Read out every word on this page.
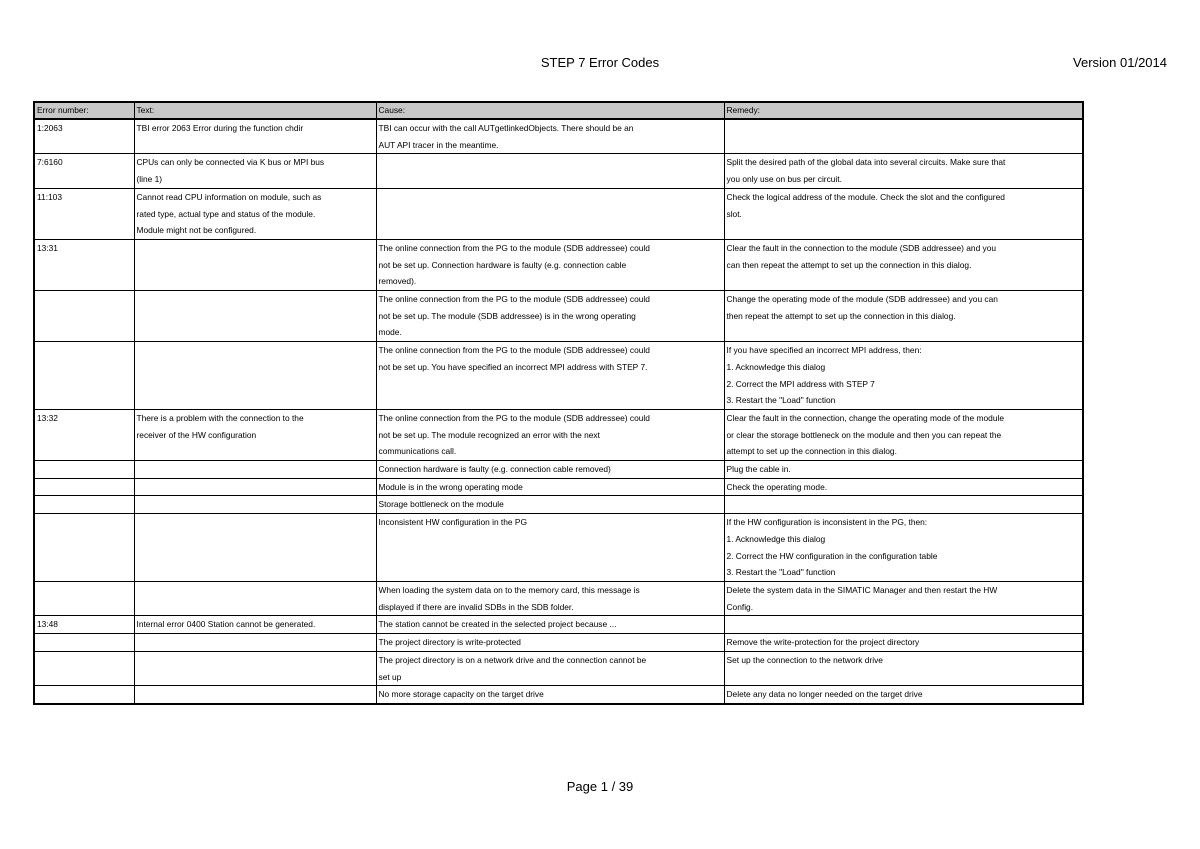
STEP 7 Error Codes	Version 01/2014
Error number:	Text:	Cause:	Remedy:
1:2063	TBI error 2063 Error during the function chdir	TBI can occur with the call AUTgetlinkedObjects. There should be an
AUT API tracer in the meantime.	
7:6160	CPUs can only be connected via K bus or MPI bus
(line 1)		Split the desired path of the global data into several circuits. Make sure that
you only use on bus per circuit.
11:103	Cannot read CPU information on module, such as
rated type, actual type and status of the module.
Module might not be configured.		Check the logical address of the module. Check the slot and the configured
slot.
13:31		The online connection from the PG to the module (SDB addressee) could
not be set up. Connection hardware is faulty (e.g. connection cable
removed).	Clear the fault in the connection to the module (SDB addressee) and you
can then repeat the attempt to set up the connection in this dialog.
		The online connection from the PG to the module (SDB addressee) could
not be set up. The module (SDB addressee) is in the wrong operating
mode.	Change the operating mode of the module (SDB addressee) and you can
then repeat the attempt to set up the connection in this dialog.
		The online connection from the PG to the module (SDB addressee) could
not be set up. You have specified an incorrect MPI address with STEP 7.	If you have specified an incorrect MPI address, then:
1. Acknowledge this dialog
2. Correct the MPI address with STEP 7
3. Restart the "Load" function
13:32	There is a problem with the connection to the
receiver of the HW configuration	The online connection from the PG to the module (SDB addressee) could
not be set up. The module recognized an error with the next
communications call.	Clear the fault in the connection, change the operating mode of the module
or clear the storage bottleneck on the module and then you can repeat the
attempt to set up the connection in this dialog.
		Connection hardware is faulty (e.g. connection cable removed)	Plug the cable in.
		Module is in the wrong operating mode	Check the operating mode.
		Storage bottleneck on the module	
		Inconsistent HW configuration in the PG	If the HW configuration is inconsistent in the PG, then:
1. Acknowledge this dialog
2. Correct the HW configuration in the configuration table
3. Restart the "Load" function
		When loading the system data on to the memory card, this message is
displayed if there are invalid SDBs in the SDB folder.	Delete the system data in the SIMATIC Manager and then restart the HW
Config.
13:48	Internal error 0400 Station cannot be generated.	The station cannot be created in the selected project because ...	
		The project directory is write-protected	Remove the write-protection for the project directory
		The project directory is on a network drive and the connection cannot be
set up	Set up the connection to the network drive
		No more storage capacity on the target drive	Delete any data no longer needed on the target drive
Page 1 / 39
